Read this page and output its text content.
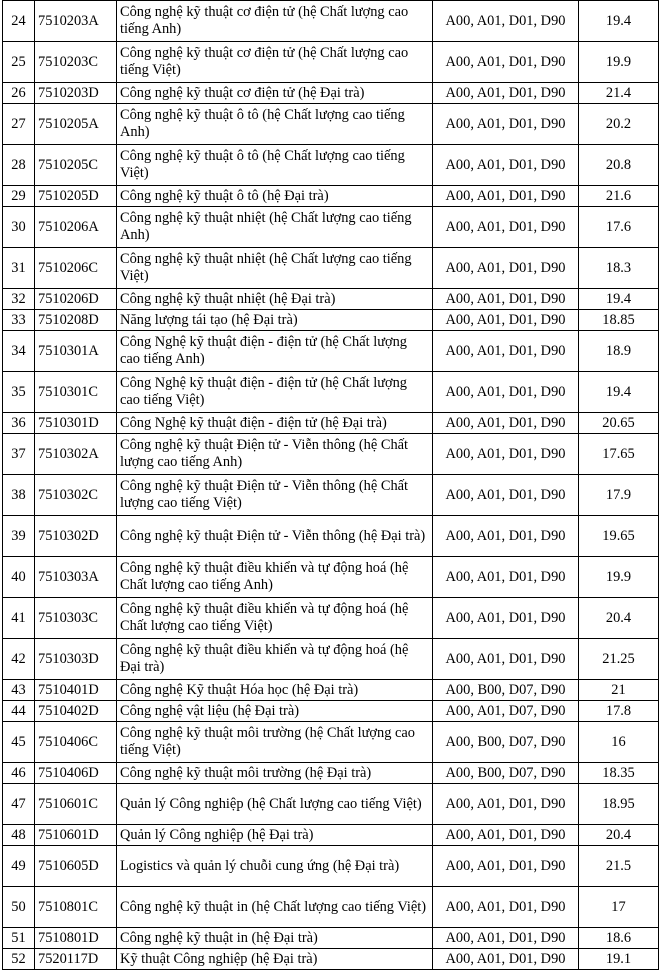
24	7510203A	Công nghệ kỹ thuật cơ điện tử (hệ Chất lượng cao tiếng Anh)	A00, A01, D01, D90	19.4
25	7510203C	Công nghệ kỹ thuật cơ điện tử (hệ Chất lượng cao tiếng Việt)	A00, A01, D01, D90	19.9
26	7510203D	Công nghệ kỹ thuật cơ điện tử (hệ Đại trà)	A00, A01, D01, D90	21.4
27	7510205A	Công nghệ kỹ thuật ô tô (hệ Chất lượng cao tiếng Anh)	A00, A01, D01, D90	20.2
28	7510205C	Công nghệ kỹ thuật ô tô (hệ Chất lượng cao tiếng Việt)	A00, A01, D01, D90	20.8
29	7510205D	Công nghệ kỹ thuật ô tô (hệ Đại trà)	A00, A01, D01, D90	21.6
30	7510206A	Công nghệ kỹ thuật nhiệt (hệ Chất lượng cao tiếng Anh)	A00, A01, D01, D90	17.6
31	7510206C	Công nghệ kỹ thuật nhiệt (hệ Chất lượng cao tiếng Việt)	A00, A01, D01, D90	18.3
32	7510206D	Công nghệ kỹ thuật nhiệt (hệ Đại trà)	A00, A01, D01, D90	19.4
33	7510208D	Năng lượng tái tạo (hệ Đại trà)	A00, A01, D01, D90	18.85
34	7510301A	Công Nghệ kỹ thuật điện - điện tử (hệ Chất lượng cao tiếng Anh)	A00, A01, D01, D90	18.9
35	7510301C	Công Nghệ kỹ thuật điện - điện tử (hệ Chất lượng cao tiếng Việt)	A00, A01, D01, D90	19.4
36	7510301D	Công Nghệ kỹ thuật điện - điện tử (hệ Đại trà)	A00, A01, D01, D90	20.65
37	7510302A	Công nghệ kỹ thuật Điện tử - Viễn thông (hệ Chất lượng cao tiếng Anh)	A00, A01, D01, D90	17.65
38	7510302C	Công nghệ kỹ thuật Điện tử - Viễn thông (hệ Chất lượng cao tiếng Việt)	A00, A01, D01, D90	17.9
39	7510302D	Công nghệ kỹ thuật Điện tử - Viễn thông (hệ Đại trà)	A00, A01, D01, D90	19.65
40	7510303A	Công nghệ kỹ thuật điều khiển và tự động hoá (hệ Chất lượng cao tiếng Anh)	A00, A01, D01, D90	19.9
41	7510303C	Công nghệ kỹ thuật điều khiển và tự động hoá (hệ Chất lượng cao tiếng Việt)	A00, A01, D01, D90	20.4
42	7510303D	Công nghệ kỹ thuật điều khiển và tự động hoá (hệ Đại trà)	A00, A01, D01, D90	21.25
43	7510401D	Công nghệ Kỹ thuật Hóa học (hệ Đại trà)	A00, B00, D07, D90	21
44	7510402D	Công nghệ vật liệu (hệ Đại trà)	A00, A01, D07, D90	17.8
45	7510406C	Công nghệ kỹ thuật môi trường (hệ Chất lượng cao tiếng Việt)	A00, B00, D07, D90	16
46	7510406D	Công nghệ kỹ thuật môi trường (hệ Đại trà)	A00, B00, D07, D90	18.35
47	7510601C	Quản lý Công nghiệp (hệ Chất lượng cao tiếng Việt)	A00, A01, D01, D90	18.95
48	7510601D	Quản lý Công nghiệp (hệ Đại trà)	A00, A01, D01, D90	20.4
49	7510605D	Logistics và quản lý chuỗi cung ứng (hệ Đại trà)	A00, A01, D01, D90	21.5
50	7510801C	Công nghệ kỹ thuật in (hệ Chất lượng cao tiếng Việt)	A00, A01, D01, D90	17
51	7510801D	Công nghệ kỹ thuật in (hệ Đại trà)	A00, A01, D01, D90	18.6
52	7520117D	Kỹ thuật Công nghiệp (hệ Đại trà)	A00, A01, D01, D90	19.1
